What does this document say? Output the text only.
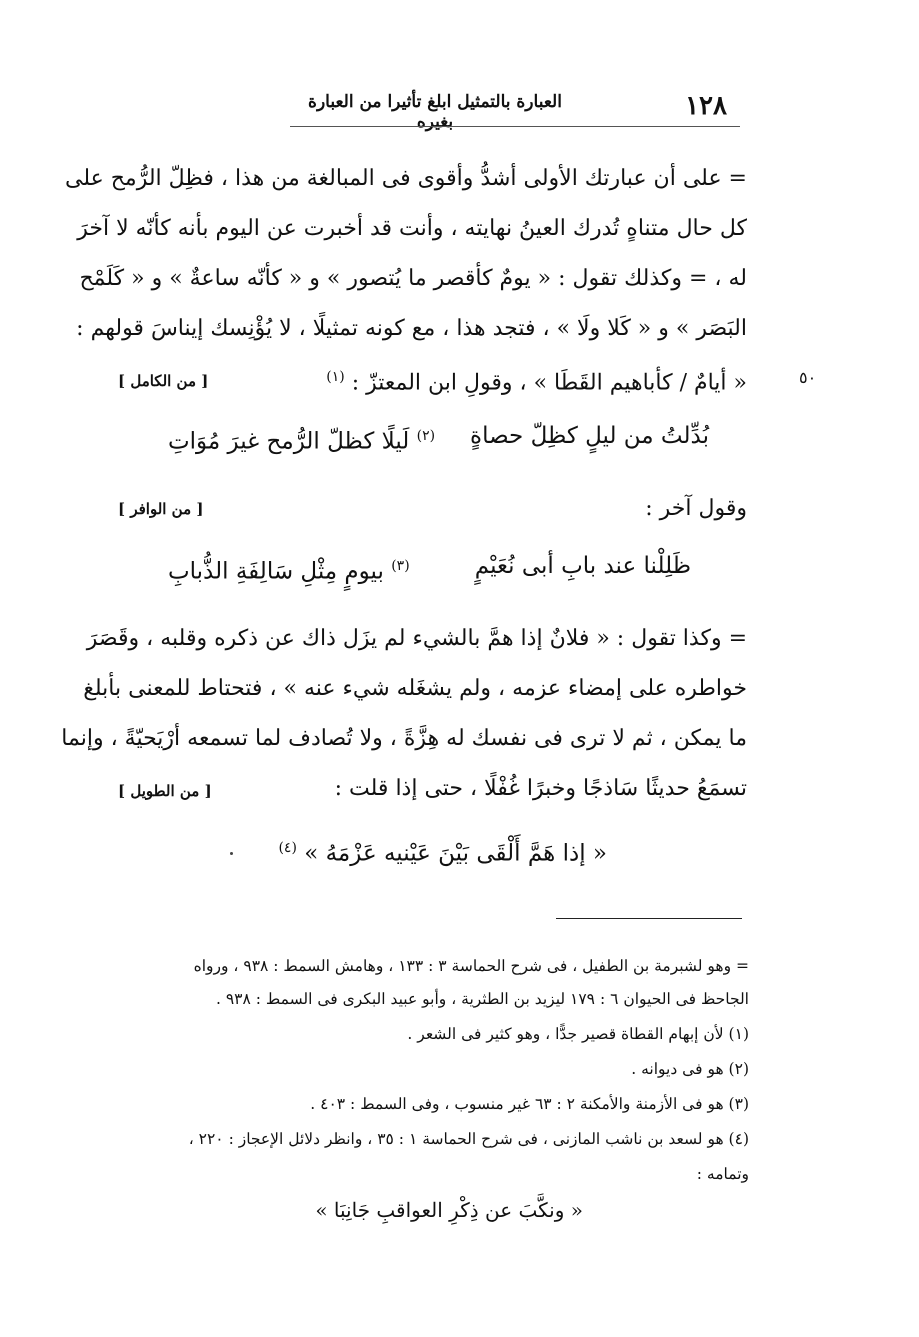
١٢٨
العبارة بالتمثيل ابلغ تأثيرا من العبارة بغيره
= على أن عبارتك الأولى أشدُّ وأقوى فى المبالغة من هذا ، فظِلّ الرُّمح على
كل حال متناهٍ تُدرك العينُ نهايته ، وأنت قد أخبرت عن اليوم بأنه كأنّه لا آخرَ
له ، = وكذلك تقول : « يومٌ كأقصر ما يُتصور » و « كأنّه ساعةٌ » و « كَلَمْح
البَصَر » و « كَلا ولَا » ، فتجد هذا ، مع كونه تمثيلًا ، لا يُؤْنِسك إيناسَ قولهم :
« أيامٌ / كأباهيم القَطَا » ، وقولِ ابن المعتزّ : $^{(١)}$
[ من الكامل ]	٥٠
بُدِّلتُ من ليلٍ كظِلّ حصاةٍ
$^{(٢)}$ لَيلًا كظلّ الرُّمح غيرَ مُوَاتِ
وقول آخر :
[ من الوافر ]
ظَلِلْنا عند بابِ أبى نُعَيْمٍ
$^{(٣)}$ بيومٍ مِثْلِ سَالِفَةِ الذُّبابِ
= وكذا تقول : « فلانٌ إذا همَّ بالشيء لم يزَل ذاك عن ذكره وقلبه ، وقَصَرَ
خواطره على إمضاء عزمه ، ولم يشغَله شيء عنه » ، فتحتاط للمعنى بأبلغ
ما يمكن ، ثم لا ترى فى نفسك له هِزَّةً ، ولا تُصادف لما تسمعه أرْيَحيّةً ، وإنما
تسمَعُ حديثًا سَاذجًا وخبرًا غُفْلًا ، حتى إذا قلت :
[ من الطويل ]
« إذا هَمَّ أَلْقَى بَيْنَ عَيْنيه عَزْمَهُ » $^{(٤)}$
= وهو لشبرمة بن الطفيل ، فى شرح الحماسة ٣ : ١٣٣ ، وهامش السمط : ٩٣٨ ، ورواه
الجاحظ فى الحيوان ٦ : ١٧٩ ليزيد بن الطثرية ، وأبو عبيد البكرى فى السمط : ٩٣٨ .
(١) لأن إبهام القطاة قصير جدًّا ، وهو كثير فى الشعر .
(٢) هو فى ديوانه .
(٣) هو فى الأزمنة والأمكنة ٢ : ٦٣ غير منسوب ، وفى السمط : ٤٠٣ .
(٤) هو لسعد بن ناشب المازنى ، فى شرح الحماسة ١ : ٣٥ ، وانظر دلائل الإعجاز : ٢٢٠ ،
وتمامه :
« ونكَّبَ عن ذِكْرِ العواقبِ جَانِبَا »
